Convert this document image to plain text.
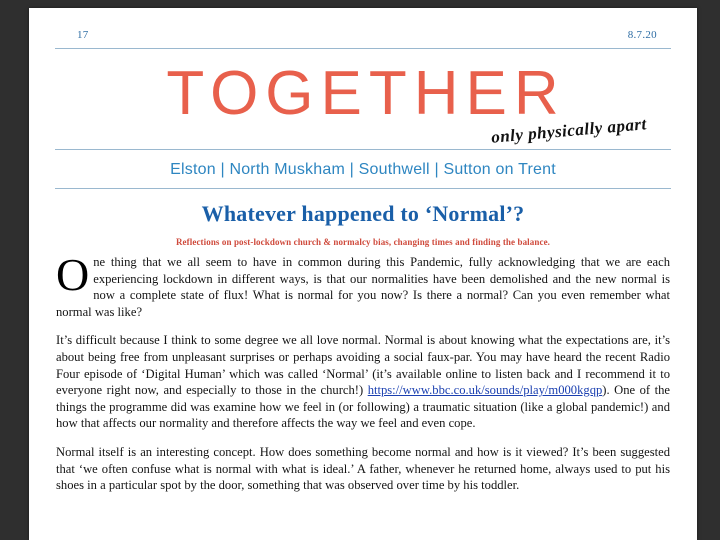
17	8.7.20
TOGETHER
only physically apart
Elston | North Muskham | Southwell | Sutton on Trent
Whatever happened to ‘Normal’?
Reflections on post-lockdown church & normalcy bias, changing times and finding the balance.

One thing that we all seem to have in common during this Pandemic, fully acknowledging that we are each experiencing lockdown in different ways, is that our normalities have been demolished and the new normal is now a complete state of flux! What is normal for you now? Is there a normal? Can you even remember what normal was like?

It’s difficult because I think to some degree we all love normal. Normal is about knowing what the expectations are, it’s about being free from unpleasant surprises or perhaps avoiding a social faux-par. You may have heard the recent Radio Four episode of ‘Digital Human’ which was called ‘Normal’ (it’s available online to listen back and I recommend it to everyone right now, and especially to those in the church!) https://www.bbc.co.uk/sounds/play/m000kgqp). One of the things the programme did was examine how we feel in (or following) a traumatic situation (like a global pandemic!) and how that affects our normality and therefore affects the way we feel and even cope.

Normal itself is an interesting concept. How does something become normal and how is it viewed? It’s been suggested that ‘we often confuse what is normal with what is ideal.’ A father, whenever he returned home, always used to put his shoes in a particular spot by the door, something that was observed over time by his toddler.
